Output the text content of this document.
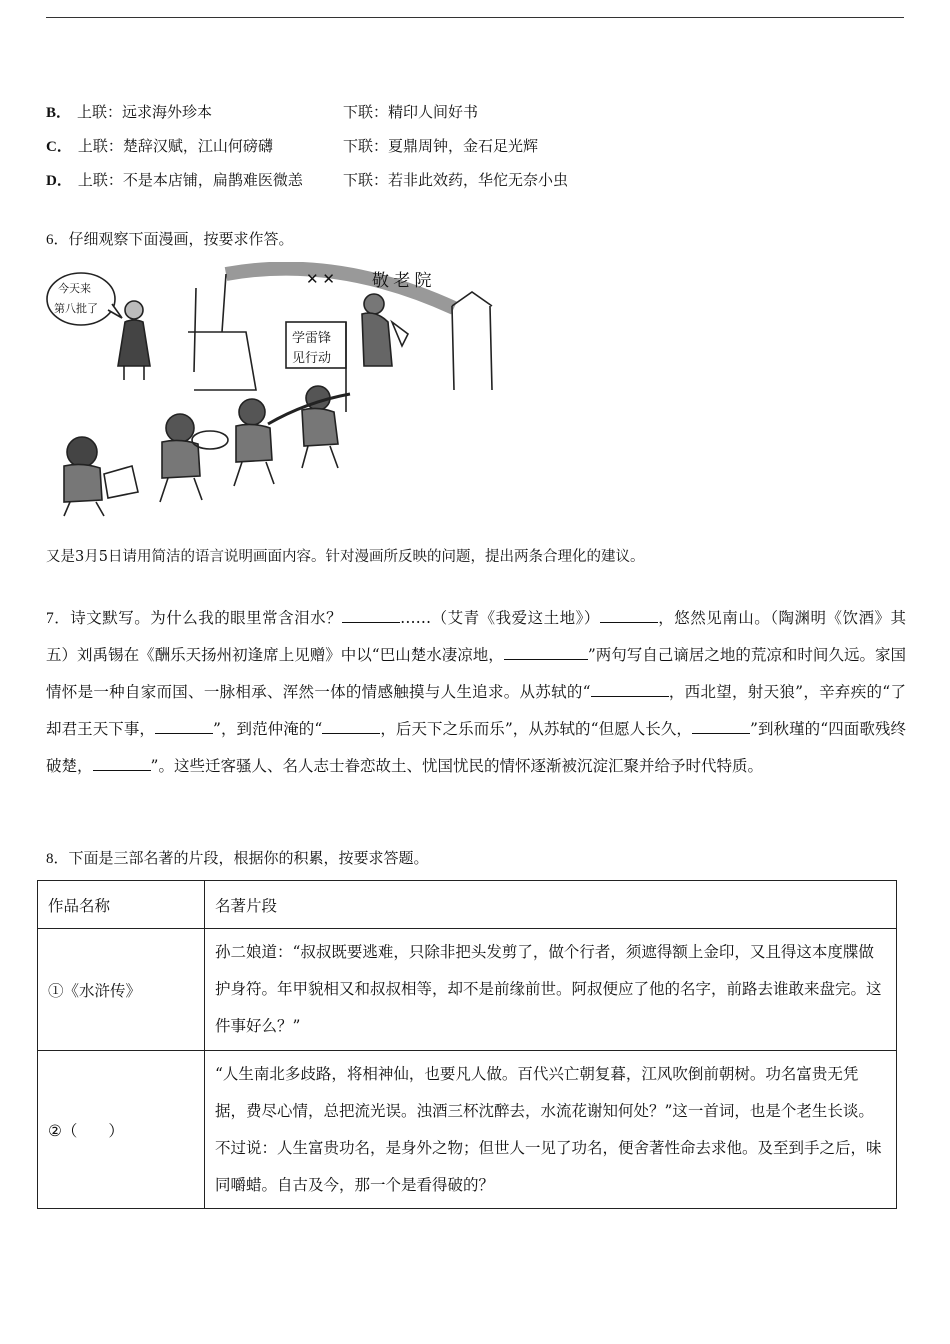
B． 上联：远求海外珍本	下联：精印人间好书
C． 上联：楚辞汉赋，江山何磅礴	下联：夏鼎周钟，金石足光辉
D． 上联：不是本店铺，扁鹊难医微恙	下联：若非此效药，华佗无奈小虫
6．仔细观察下面漫画，按要求作答。
今天来
第八批了
学雷锋
见行动
敬 老 院
✕ ✕
又是3月5日请用简洁的语言说明画面内容。针对漫画所反映的问题，提出两条合理化的建议。
7．诗文默写。为什么我的眼里常含泪水？	……（艾青《我爱这土地》）	，悠然见南山。（陶渊明《饮酒》其五）刘禹锡在《酬乐天扬州初逢席上见赠》中以“巴山楚水凄凉地，	”两句写自己谪居之地的荒凉和时间久远。家国情怀是一种自家而国、一脉相承、浑然一体的情感触摸与人生追求。从苏轼的“	，西北望，射天狼”，辛弃疾的“了却君王天下事，	”，到范仲淹的“	，后天下之乐而乐”，从苏轼的“但愿人长久，	”到秋瑾的“四面歌残终破楚，	”。这些迁客骚人、名人志士眷恋故土、忧国忧民的情怀逐渐被沉淀汇聚并给予时代特质。
8．下面是三部名著的片段，根据你的积累，按要求答题。
作品名称	名著片段
①《水浒传》	孙二娘道：“叔叔既要逃难，只除非把头发剪了，做个行者，须遮得额上金印，又且得这本度牒做护身符。年甲貌相又和叔叔相等，却不是前缘前世。阿叔便应了他的名字，前路去谁敢来盘完。这件事好么？”
②（　　）	“人生南北多歧路，将相神仙，也要凡人做。百代兴亡朝复暮，江风吹倒前朝树。功名富贵无凭据，费尽心情，总把流光误。浊酒三杯沈醉去，水流花谢知何处？”这一首词，也是个老生长谈。不过说：人生富贵功名，是身外之物；但世人一见了功名，便舍著性命去求他。及至到手之后，味同嚼蜡。自古及今，那一个是看得破的？
